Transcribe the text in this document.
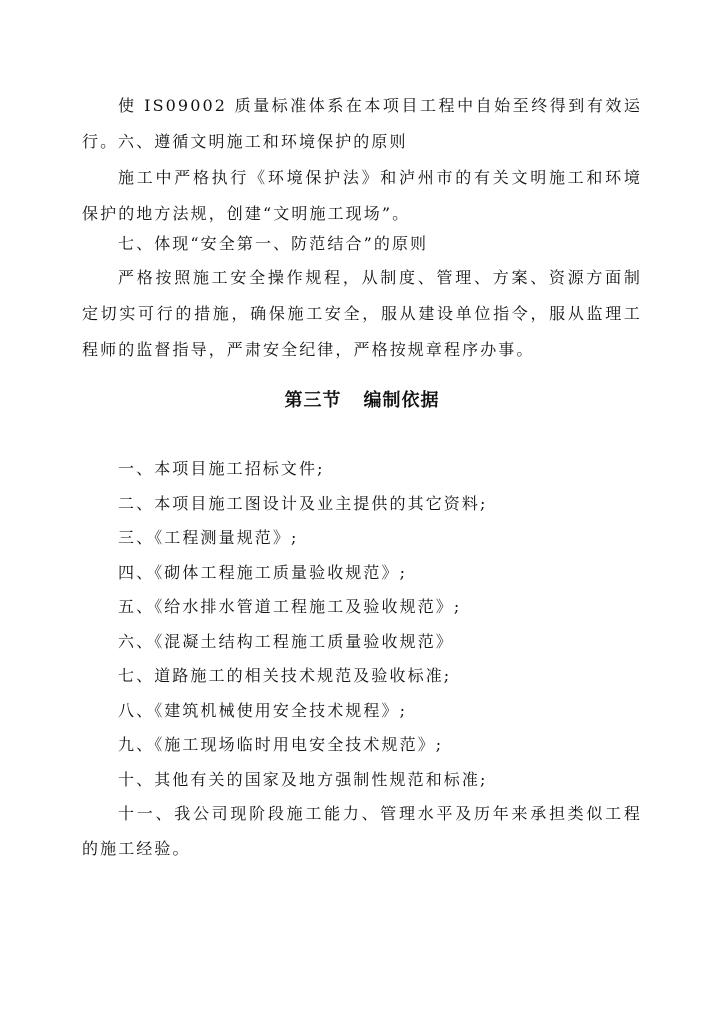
使 IS09002 质量标准体系在本项目工程中自始至终得到有效运行。 六、遵循文明施工和环境保护的原则

施工中严格执行《环境保护法》和泸州市的有关文明施工和环境保护的地方法规，创建“文明施工现场”。

七、体现“安全第一、防范结合”的原则

严格按照施工安全操作规程，从制度、管理、方案、资源方面制定切实可行的措施，确保施工安全，服从建设单位指令，服从监理工程师的监督指导，严肃安全纪律，严格按规章程序办事。

第三节 编制依据
一、本项目施工招标文件;
二、本项目施工图设计及业主提供的其它资料;
三、《工程测量规范》;
四、《砌体工程施工质量验收规范》;
五、《给水排水管道工程施工及验收规范》;
六、《混凝土结构工程施工质量验收规范》
七、道路施工的相关技术规范及验收标准;
八、《建筑机械使用安全技术规程》;
九、《施工现场临时用电安全技术规范》;
十、其他有关的国家及地方强制性规范和标准;
十一、我公司现阶段施工能力、管理水平及历年来承担类似工程的施工经验。
